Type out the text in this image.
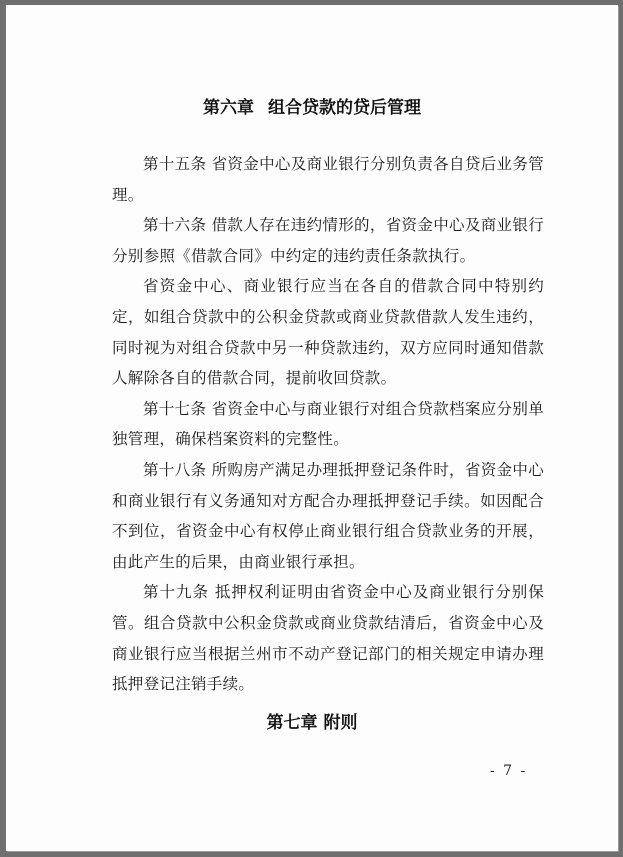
第六章 组合贷款的贷后管理

第十五条 省资金中心及商业银行分别负责各自贷后业务管理。

第十六条 借款人存在违约情形的，省资金中心及商业银行分别参照《借款合同》中约定的违约责任条款执行。

省资金中心、商业银行应当在各自的借款合同中特别约定，如组合贷款中的公积金贷款或商业贷款借款人发生违约，同时视为对组合贷款中另一种贷款违约，双方应同时通知借款人解除各自的借款合同，提前收回贷款。

第十七条 省资金中心与商业银行对组合贷款档案应分别单独管理，确保档案资料的完整性。

第十八条 所购房产满足办理抵押登记条件时，省资金中心和商业银行有义务通知对方配合办理抵押登记手续。如因配合不到位，省资金中心有权停止商业银行组合贷款业务的开展，由此产生的后果，由商业银行承担。

第十九条 抵押权利证明由省资金中心及商业银行分别保管。组合贷款中公积金贷款或商业贷款结清后，省资金中心及商业银行应当根据兰州市不动产登记部门的相关规定申请办理抵押登记注销手续。

第七章 附则
- 7 -
